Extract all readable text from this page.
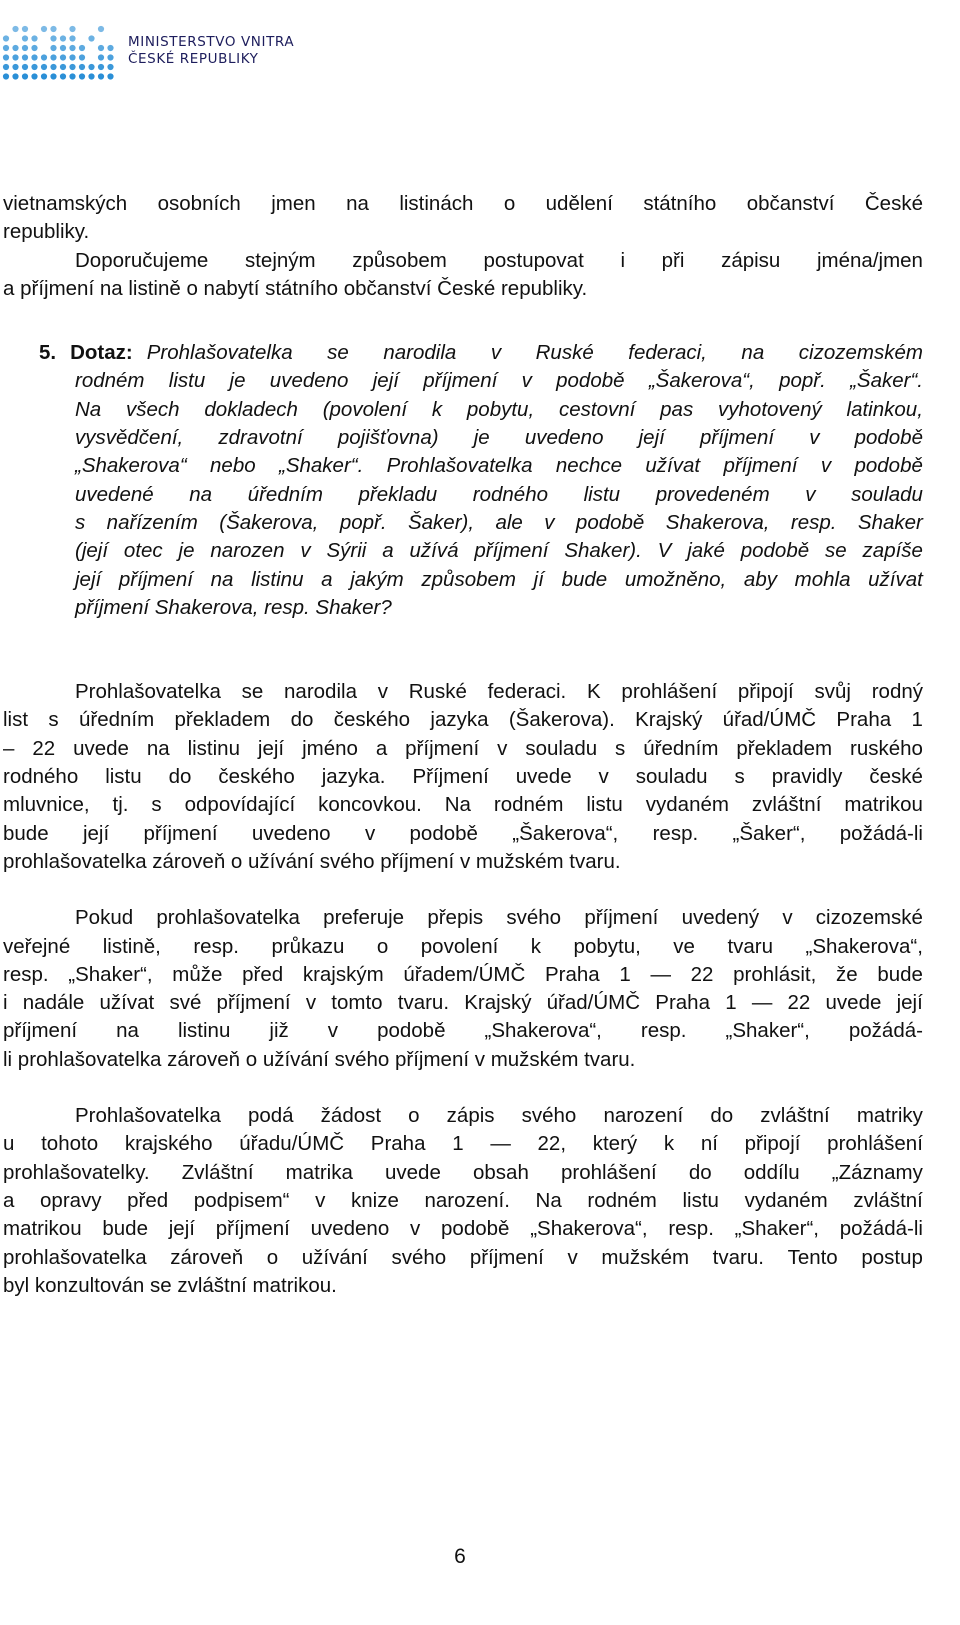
MINISTERSTVO VNITRA
ČESKÉ REPUBLIKY
vietnamských osobních jmen na listinách o udělení státního občanství České
republiky.
Doporučujeme stejným způsobem postupovat i při zápisu jména/jmen
a příjmení na listině o nabytí státního občanství České republiky.
5. Dotaz: Prohlašovatelka se narodila v Ruské federaci, na cizozemském
rodném listu je uvedeno její příjmení v podobě „Šakerova“, popř. „Šaker“.
Na všech dokladech (povolení k pobytu, cestovní pas vyhotovený latinkou,
vysvědčení, zdravotní pojišťovna) je uvedeno její příjmení v podobě
„Shakerova“ nebo „Shaker“. Prohlašovatelka nechce užívat příjmení v podobě
uvedené na úředním překladu rodného listu provedeném v souladu
s nařízením (Šakerova, popř. Šaker), ale v podobě Shakerova, resp. Shaker
(její otec je narozen v Sýrii a užívá příjmení Shaker). V jaké podobě se zapíše
její příjmení na listinu a jakým způsobem jí bude umožněno, aby mohla užívat
příjmení Shakerova, resp. Shaker?
Prohlašovatelka se narodila v Ruské federaci. K prohlášení připojí svůj rodný
list s úředním překladem do českého jazyka (Šakerova). Krajský úřad/ÚMČ Praha 1
– 22 uvede na listinu její jméno a příjmení v souladu s úředním překladem ruského
rodného listu do českého jazyka. Příjmení uvede v souladu s pravidly české
mluvnice, tj. s odpovídající koncovkou. Na rodném listu vydaném zvláštní matrikou
bude její příjmení uvedeno v podobě „Šakerova“, resp. „Šaker“, požádá-li
prohlašovatelka zároveň o užívání svého příjmení v mužském tvaru.
Pokud prohlašovatelka preferuje přepis svého příjmení uvedený v cizozemské
veřejné listině, resp. průkazu o povolení k pobytu, ve tvaru „Shakerova“,
resp. „Shaker“, může před krajským úřadem/ÚMČ Praha 1 — 22 prohlásit, že bude
i nadále užívat své příjmení v tomto tvaru. Krajský úřad/ÚMČ Praha 1 — 22 uvede její
příjmení na listinu již v podobě „Shakerova“, resp. „Shaker“, požádá-
li prohlašovatelka zároveň o užívání svého příjmení v mužském tvaru.
Prohlašovatelka podá žádost o zápis svého narození do zvláštní matriky
u tohoto krajského úřadu/ÚMČ Praha 1 — 22, který k ní připojí prohlášení
prohlašovatelky. Zvláštní matrika uvede obsah prohlášení do oddílu „Záznamy
a opravy před podpisem“ v knize narození. Na rodném listu vydaném zvláštní
matrikou bude její příjmení uvedeno v podobě „Shakerova“, resp. „Shaker“, požádá-li
prohlašovatelka zároveň o užívání svého příjmení v mužském tvaru. Tento postup
byl konzultován se zvláštní matrikou.
6
